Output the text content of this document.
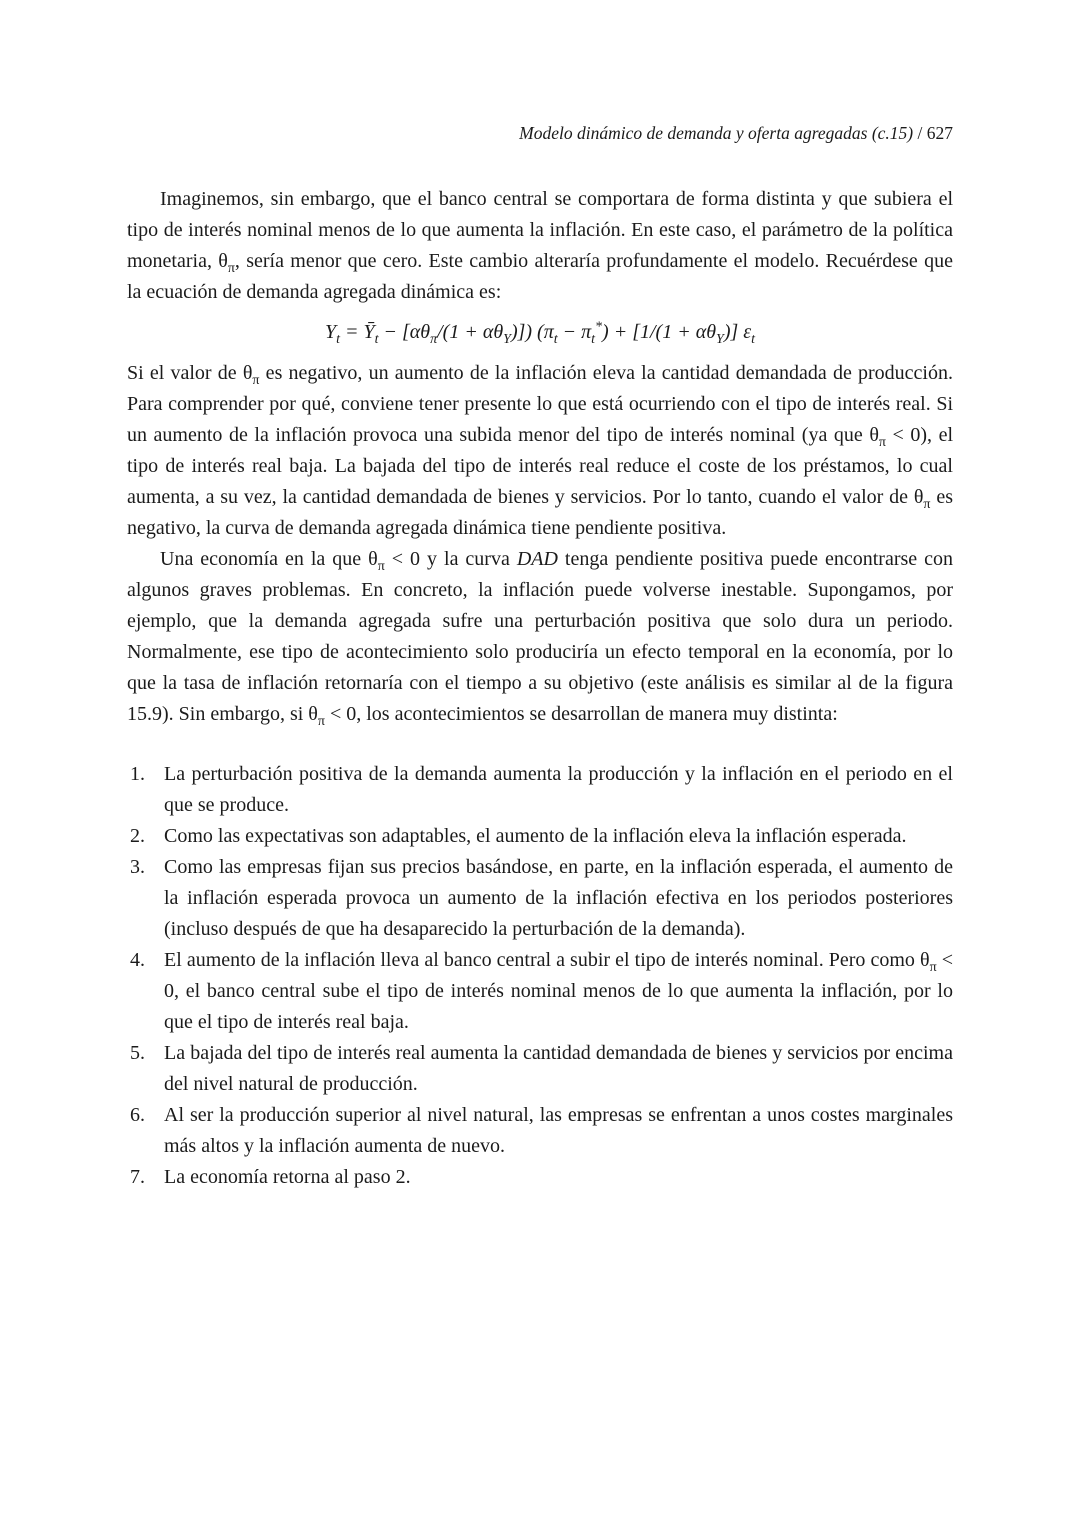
Modelo dinámico de demanda y oferta agregadas (c.15) / 627

Imaginemos, sin embargo, que el banco central se comportara de forma distinta y que subiera el tipo de interés nominal menos de lo que aumenta la inflación. En este caso, el parámetro de la política monetaria, $\theta_\pi$, sería menor que cero. Este cambio alteraría profundamente el modelo. Recuérdese que la ecuación de demanda agregada dinámica es:

$Y_t$ = $Ȳ_t - [\alpha\theta_\pi/(1 + \alpha\theta_Y)]$) $(\pi_t - \pi_t^*) + [1/(1 + \alpha\theta_Y)]$ $\varepsilon_t$

Si el valor de $\theta_\pi$ es negativo, un aumento de la inflación eleva la cantidad demandada de producción. Para comprender por qué, conviene tener presente lo que está ocurriendo con el tipo de interés real. Si un aumento de la inflación provoca una subida menor del tipo de interés nominal (ya que $\theta_\pi < 0$), el tipo de interés real baja. La bajada del tipo de interés real reduce el coste de los préstamos, lo cual aumenta, a su vez, la cantidad demandada de bienes y servicios. Por lo tanto, cuando el valor de $\theta_\pi$ es negativo, la curva de demanda agregada dinámica tiene pendiente positiva.

Una economía en la que $\theta_\pi < 0$ y la curva DAD tenga pendiente positiva puede encontrarse con algunos graves problemas. En concreto, la inflación puede volverse inestable. Supongamos, por ejemplo, que la demanda agregada sufre una perturbación positiva que solo dura un periodo. Normalmente, ese tipo de acontecimiento solo produciría un efecto temporal en la economía, por lo que la tasa de inflación retornaría con el tiempo a su objetivo (este análisis es similar al de la figura 15.9). Sin embargo, si $\theta_\pi < 0$, los acontecimientos se desarrollan de manera muy distinta:

1. La perturbación positiva de la demanda aumenta la producción y la inflación en el periodo en el que se produce.
2. Como las expectativas son adaptables, el aumento de la inflación eleva la inflación esperada.
3. Como las empresas fijan sus precios basándose, en parte, en la inflación esperada, el aumento de la inflación esperada provoca un aumento de la inflación efectiva en los periodos posteriores (incluso después de que ha desaparecido la perturbación de la demanda).
4. El aumento de la inflación lleva al banco central a subir el tipo de interés nominal. Pero como $\theta_\pi < 0$, el banco central sube el tipo de interés nominal menos de lo que aumenta la inflación, por lo que el tipo de interés real baja.
5. La bajada del tipo de interés real aumenta la cantidad demandada de bienes y servicios por encima del nivel natural de producción.
6. Al ser la producción superior al nivel natural, las empresas se enfrentan a unos costes marginales más altos y la inflación aumenta de nuevo.
7. La economía retorna al paso 2.
